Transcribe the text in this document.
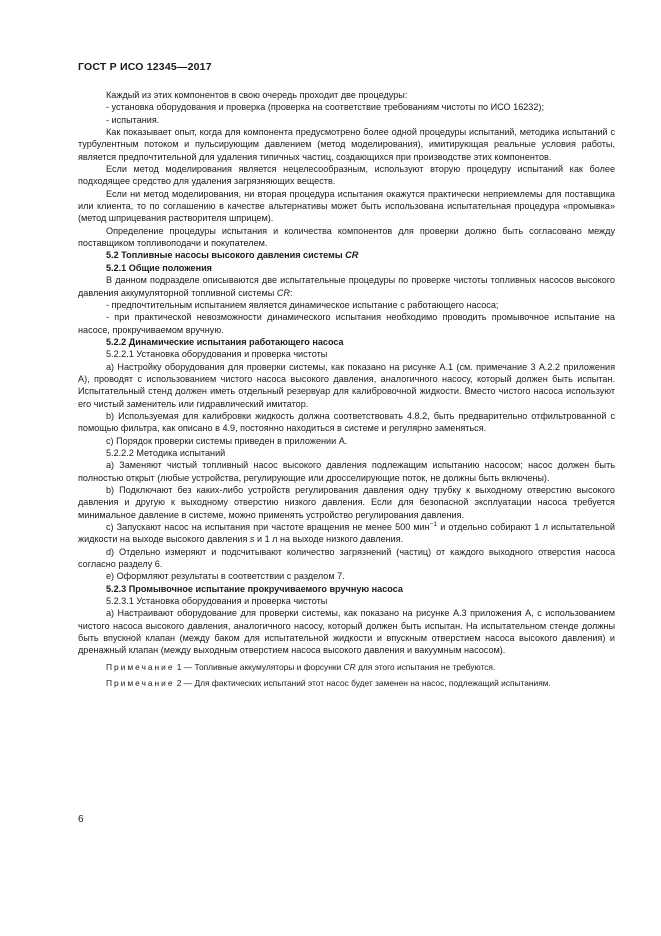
ГОСТ Р ИСО 12345—2017

Каждый из этих компонентов в свою очередь проходит две процедуры:

- установка оборудования и проверка (проверка на соответствие требованиям чистоты по ИСО 16232);

- испытания.

Как показывает опыт, когда для компонента предусмотрено более одной процедуры испытаний, методика испытаний с турбулентным потоком и пульсирующим давлением (метод моделирования), имитирующая реальные условия работы, является предпочтительной для удаления типичных частиц, создающихся при производстве этих компонентов.

Если метод моделирования является нецелесообразным, используют вторую процедуру испытаний как более подходящее средство для удаления загрязняющих веществ.

Если ни метод моделирования, ни вторая процедура испытания окажутся практически неприемлемы для поставщика или клиента, то по соглашению в качестве альтернативы может быть использована испытательная процедура «промывка» (метод шприцевания растворителя шприцем).

Определение процедуры испытания и количества компонентов для проверки должно быть согласовано между поставщиком топливоподачи и покупателем.

5.2 Топливные насосы высокого давления системы CR

5.2.1 Общие положения

В данном подразделе описываются две испытательные процедуры по проверке чистоты топливных насосов высокого давления аккумуляторной топливной системы CR:

- предпочтительным испытанием является динамическое испытание с работающего насоса;

- при практической невозможности динамического испытания необходимо проводить промывочное испытание на насосе, прокручиваемом вручную.

5.2.2 Динамические испытания работающего насоса

5.2.2.1 Установка оборудования и проверка чистоты

a) Настройку оборудования для проверки системы, как показано на рисунке А.1 (см. примечание 3 А.2.2 приложения А), проводят с использованием чистого насоса высокого давления, аналогичного насосу, который должен быть испытан. Испытательный стенд должен иметь отдельный резервуар для калибровочной жидкости. Вместо чистого насоса используют его чистый заменитель или гидравлический имитатор.

b) Используемая для калибровки жидкость должна соответствовать 4.8.2, быть предварительно отфильтрованной с помощью фильтра, как описано в 4.9, постоянно находиться в системе и регулярно заменяться.

c) Порядок проверки системы приведен в приложении А.

5.2.2.2 Методика испытаний

a) Заменяют чистый топливный насос высокого давления подлежащим испытанию насосом; насос должен быть полностью открыт (любые устройства, регулирующие или дросселирующие поток, не должны быть включены).

b) Подключают без каких-либо устройств регулирования давления одну трубку к выходному отверстию высокого давления и другую к выходному отверстию низкого давления. Если для безопасной эксплуатации насоса требуется минимальное давление в системе, можно применять устройство регулирования давления.

c) Запускают насос на испытания при частоте вращения не менее 500 мин$^{-1}$ и отдельно собирают 1 л испытательной жидкости на выходе высокого давления s и 1 л на выходе низкого давления.

d) Отдельно измеряют и подсчитывают количество загрязнений (частиц) от каждого выходного отверстия насоса согласно разделу 6.

e) Оформляют результаты в соответствии с разделом 7.

5.2.3 Промывочное испытание прокручиваемого вручную насоса

5.2.3.1 Установка оборудования и проверка чистоты

a) Настраивают оборудование для проверки системы, как показано на рисунке А.3 приложения А, с использованием чистого насоса высокого давления, аналогичного насосу, который должен быть испытан. На испытательном стенде должны быть впускной клапан (между баком для испытательной жидкости и впускным отверстием насоса высокого давления) и дренажный клапан (между выходным отверстием насоса высокого давления и вакуумным насосом).

Примечание 1 — Топливные аккумуляторы и форсунки CR для этого испытания не требуются.

Примечание 2 — Для фактических испытаний этот насос будет заменен на насос, подлежащий испытаниям.

6
